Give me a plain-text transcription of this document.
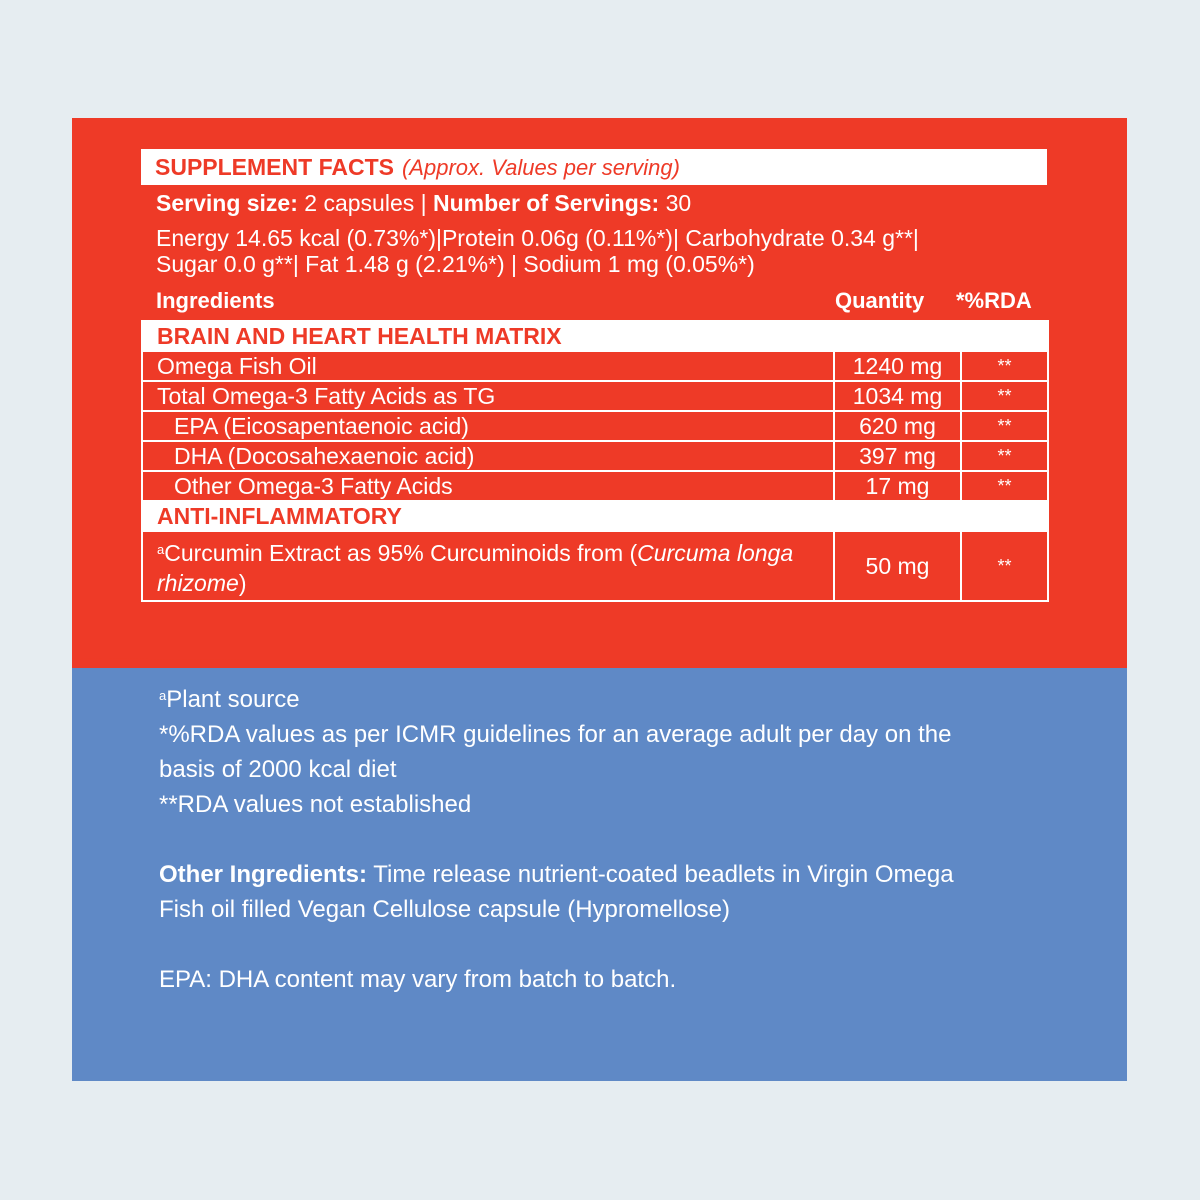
SUPPLEMENT FACTS (Approx. Values per serving)
Serving size: 2 capsules | Number of Servings: 30
Energy 14.65 kcal (0.73%*)|Protein 0.06g (0.11%*)| Carbohydrate 0.34 g**|
Sugar 0.0 g**| Fat 1.48 g (2.21%*) | Sodium 1 mg (0.05%*)
Ingredients	Quantity *%RDA
BRAIN AND HEART HEALTH MATRIX		
Omega Fish Oil	1240 mg	**
Total Omega-3 Fatty Acids as TG	1034 mg	**
EPA (Eicosapentaenoic acid)	620 mg	**
DHA (Docosahexaenoic acid)	397 mg	**
Other Omega-3 Fatty Acids	17 mg	**
ANTI-INFLAMMATORY		
$^a$Curcumin Extract as 95% Curcuminoids from (Curcuma longa rhizome)	50 mg	**

$^a$Plant source

*%RDA values as per ICMR guidelines for an average adult per day on the

basis of 2000 kcal diet

**RDA values not established

Other Ingredients: Time release nutrient-coated beadlets in Virgin Omega

Fish oil filled Vegan Cellulose capsule (Hypromellose)

EPA: DHA content may vary from batch to batch.
